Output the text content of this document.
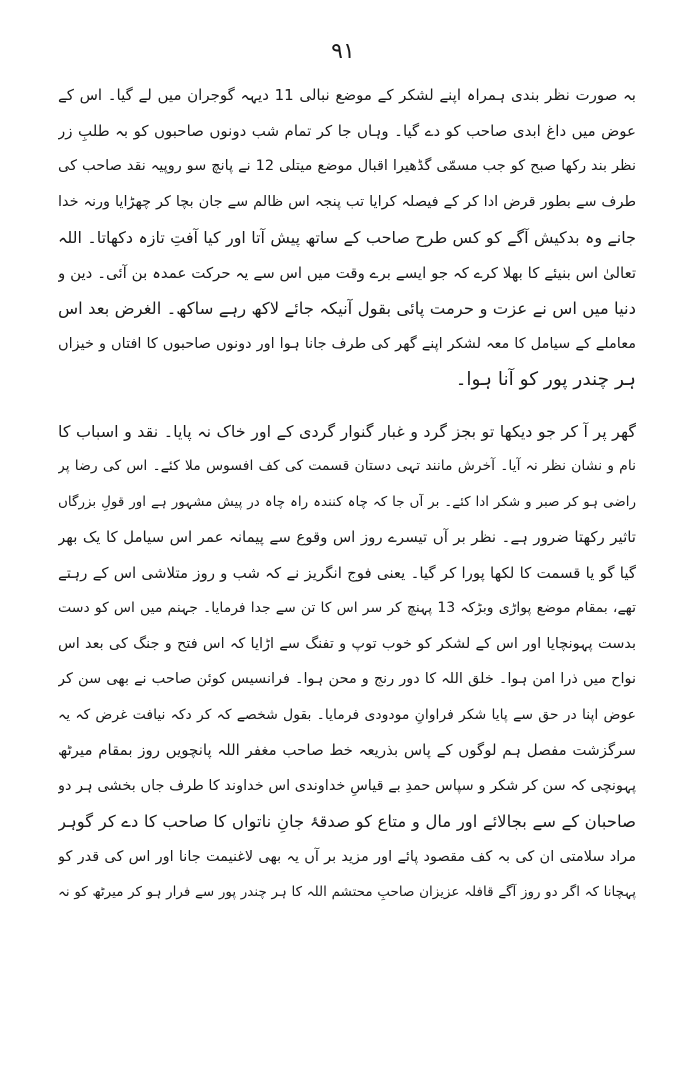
٩١
بہ صورت نظر بندی ہمراہ اپنے لشکر کے موضع نبالی 11 دیہہ گوجران میں لے گیا۔ اس کے
عوض میں داغ ابدی صاحب کو دے گیا۔ وہاں جا کر تمام شب دونوں صاحبوں کو بہ طلبِ زر
نظر بند رکھا صبح کو جب مسمّی گڈھیرا اقبال موضع میتلی 12 نے پانچ سو روپیہ نقد صاحب کی
طرف سے بطور قرض ادا کر کے فیصلہ کرایا تب پنجہ اس ظالم سے جان بچا کر چھڑایا ورنہ خدا
جانے وہ بدکیش آگے کو کس طرح صاحب کے ساتھ پیش آتا اور کیا آفتِ تازہ دکھاتا۔ اللہ
تعالیٰ اس بنیئے کا بھلا کرے کہ جو ایسے برے وقت میں اس سے یہ حرکت عمدہ بن آئی۔ دین و
دنیا میں اس نے عزت و حرمت پائی بقول آنیکہ جائے لاکھ رہے ساکھ۔ الغرض بعد اس
معاملے کے سیامل کا معہ لشکر اپنے گھر کی طرف جانا ہوا اور دونوں صاحبوں کا افتاں و خیزاں
ہر چندر پور کو آنا ہوا۔
گھر پر آ کر جو دیکھا تو بجز گرد و غبار گنوار گردی کے اور خاک نہ پایا۔ نقد و اسباب کا
نام و نشان نظر نہ آیا۔ آخرش مانند تہی دستان قسمت کی کف افسوس ملا کئے۔ اس کی رضا پر
راضی ہو کر صبر و شکر ادا کئے۔ بر آں جا کہ چاہ کنندہ راہ چاہ در پیش مشہور ہے اور قولِ بزرگاں
تاثیر رکھتا ضرور ہے۔ نظر بر آں تیسرے روز اس وقوع سے پیمانہ عمر اس سیامل کا یک بھر
گیا گو یا قسمت کا لکھا پورا کر گیا۔ یعنی فوج انگریز نے کہ شب و روز متلاشی اس کے رہتے
تھے، بمقام موضع پواڑی وبڑکہ 13 پہنچ کر سر اس کا تن سے جدا فرمایا۔ جہنم میں اس کو دست
بدست پہونچایا اور اس کے لشکر کو خوب توپ و تفنگ سے اڑایا کہ اس فتح و جنگ کی بعد اس
نواح میں ذرا امن ہوا۔ خلق اللہ کا دور رنج و محن ہوا۔ فرانسیس کوئن صاحب نے بھی سن کر
عوض اپنا در حق سے پایا شکر فراوانِ مودودی فرمایا۔ بقول شخصے کہ کر دکہ نیافت غرض کہ یہ
سرگزشت مفصل ہم لوگوں کے پاس بذریعہ خط صاحب مغفر اللہ پانچویں روز بمقام میرٹھ
پہونچی کہ سن کر شکر و سپاس حمدِ بے قیاسِ خداوندی اس خداوند کا طرف جاں بخشی ہر دو
صاحبان کے سے بجالائے اور مال و متاع کو صدقۂ جانِ ناتواں کا صاحب کا دے کر گوہر
مراد سلامتی ان کی بہ کف مقصود پائے اور مزید بر آں یہ بھی لاغنیمت جانا اور اس کی قدر کو
پہچانا کہ اگر دو روز آگے قافلہ عزیزان صاحبِ محتشم اللہ کا ہر چندر پور سے فرار ہو کر میرٹھ کو نہ
